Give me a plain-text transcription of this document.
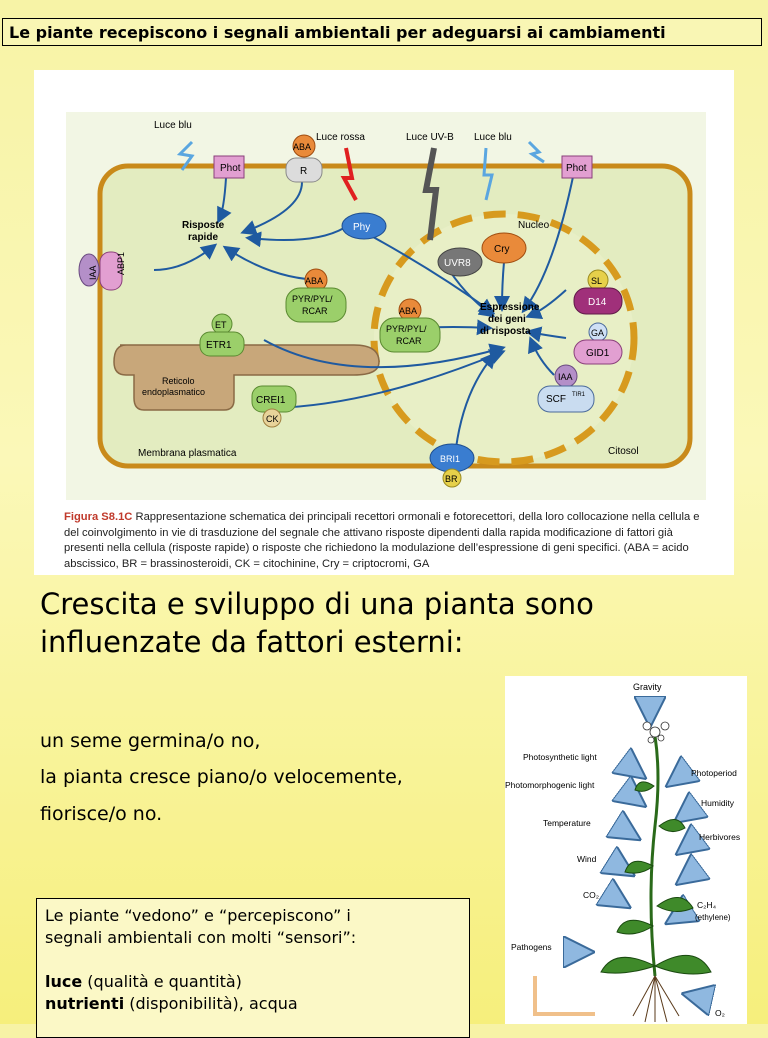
Le piante recepiscono i segnali ambientali per adeguarsi ai cambiamenti
Luce blu
Luce rossa	Luce UV-B Luce blu
Phot	Phot
ABA
R
Phy
UVR8
Cry
Nucleo
Risposte
rapide
IAA ABP1
ABA
PYR/PYL/
RCAR	ABA
PYR/PYL/
RCAR
Espressione
dei geni
di risposta
SL
D14
GA
GID1
IAA
SCF TIR1
ET
ETR1
Reticolo
endoplasmatico
CREI1
CK
BRI1
BR
Membrana plasmatica	Citosol
Figura S8.1C Rappresentazione schematica dei principali recettori ormonali e fotorecettori, della loro collocazione nella cellula e del coinvolgimento in vie di trasduzione del segnale che attivano risposte dipendenti dalla rapida modificazione di fattori già presenti nella cellula (risposte rapide) o risposte che richiedono la modulazione dell’espressione di geni specifici. (ABA = acido abscissico, BR = brassinosteroidi, CK = citochinine, Cry = criptocromi, GA
Crescita e sviluppo di una pianta sono
influenzate da fattori esterni:
un seme germina/o no,
la pianta cresce piano/o velocemente,
fiorisce/o no.
Gravity
Photosynthetic light
Photoperiod
Photomorphogenic light
Humidity
Temperature
Herbivores
Wind
CO₂
C₂H₄
(ethylene)
Pathogens
O₂
Le piante “vedono” e “percepiscono” i
segnali ambientali con molti “sensori”:
luce (qualità e quantità)
nutrienti (disponibilità), acqua
